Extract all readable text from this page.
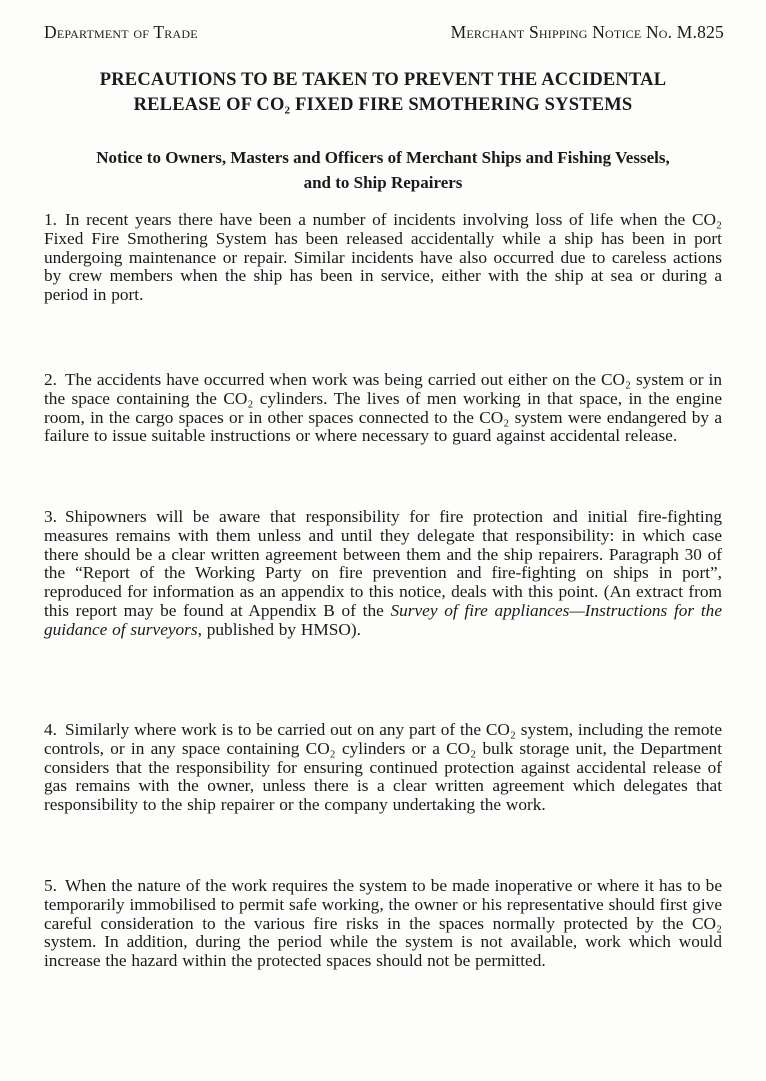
Department of Trade	Merchant Shipping Notice No. M.825
PRECAUTIONS TO BE TAKEN TO PREVENT THE ACCIDENTAL
RELEASE OF CO₂ FIXED FIRE SMOTHERING SYSTEMS
Notice to Owners, Masters and Officers of Merchant Ships and Fishing Vessels,
and to Ship Repairers
1. In recent years there have been a number of incidents involving loss of life when the CO₂ Fixed Fire Smothering System has been released accidentally while a ship has been in port undergoing maintenance or repair. Similar incidents have also occurred due to careless actions by crew members when the ship has been in service, either with the ship at sea or during a period in port.
2. The accidents have occurred when work was being carried out either on the CO₂ system or in the space containing the CO₂ cylinders. The lives of men working in that space, in the engine room, in the cargo spaces or in other spaces connected to the CO₂ system were endangered by a failure to issue suitable instructions or where necessary to guard against accidental release.
3. Shipowners will be aware that responsibility for fire protection and initial fire-fighting measures remains with them unless and until they delegate that responsibility: in which case there should be a clear written agreement between them and the ship repairers. Paragraph 30 of the “Report of the Working Party on fire prevention and fire-fighting on ships in port”, reproduced for information as an appendix to this notice, deals with this point. (An extract from this report may be found at Appendix B of the Survey of fire appliances—Instructions for the guidance of surveyors, published by HMSO).
4. Similarly where work is to be carried out on any part of the CO₂ system, including the remote controls, or in any space containing CO₂ cylinders or a CO₂ bulk storage unit, the Department considers that the responsibility for ensuring continued protection against accidental release of gas remains with the owner, unless there is a clear written agreement which delegates that responsibility to the ship repairer or the company undertaking the work.
5. When the nature of the work requires the system to be made inoperative or where it has to be temporarily immobilised to permit safe working, the owner or his representative should first give careful consideration to the various fire risks in the spaces normally protected by the CO₂ system. In addition, during the period while the system is not available, work which would increase the hazard within the protected spaces should not be permitted.
